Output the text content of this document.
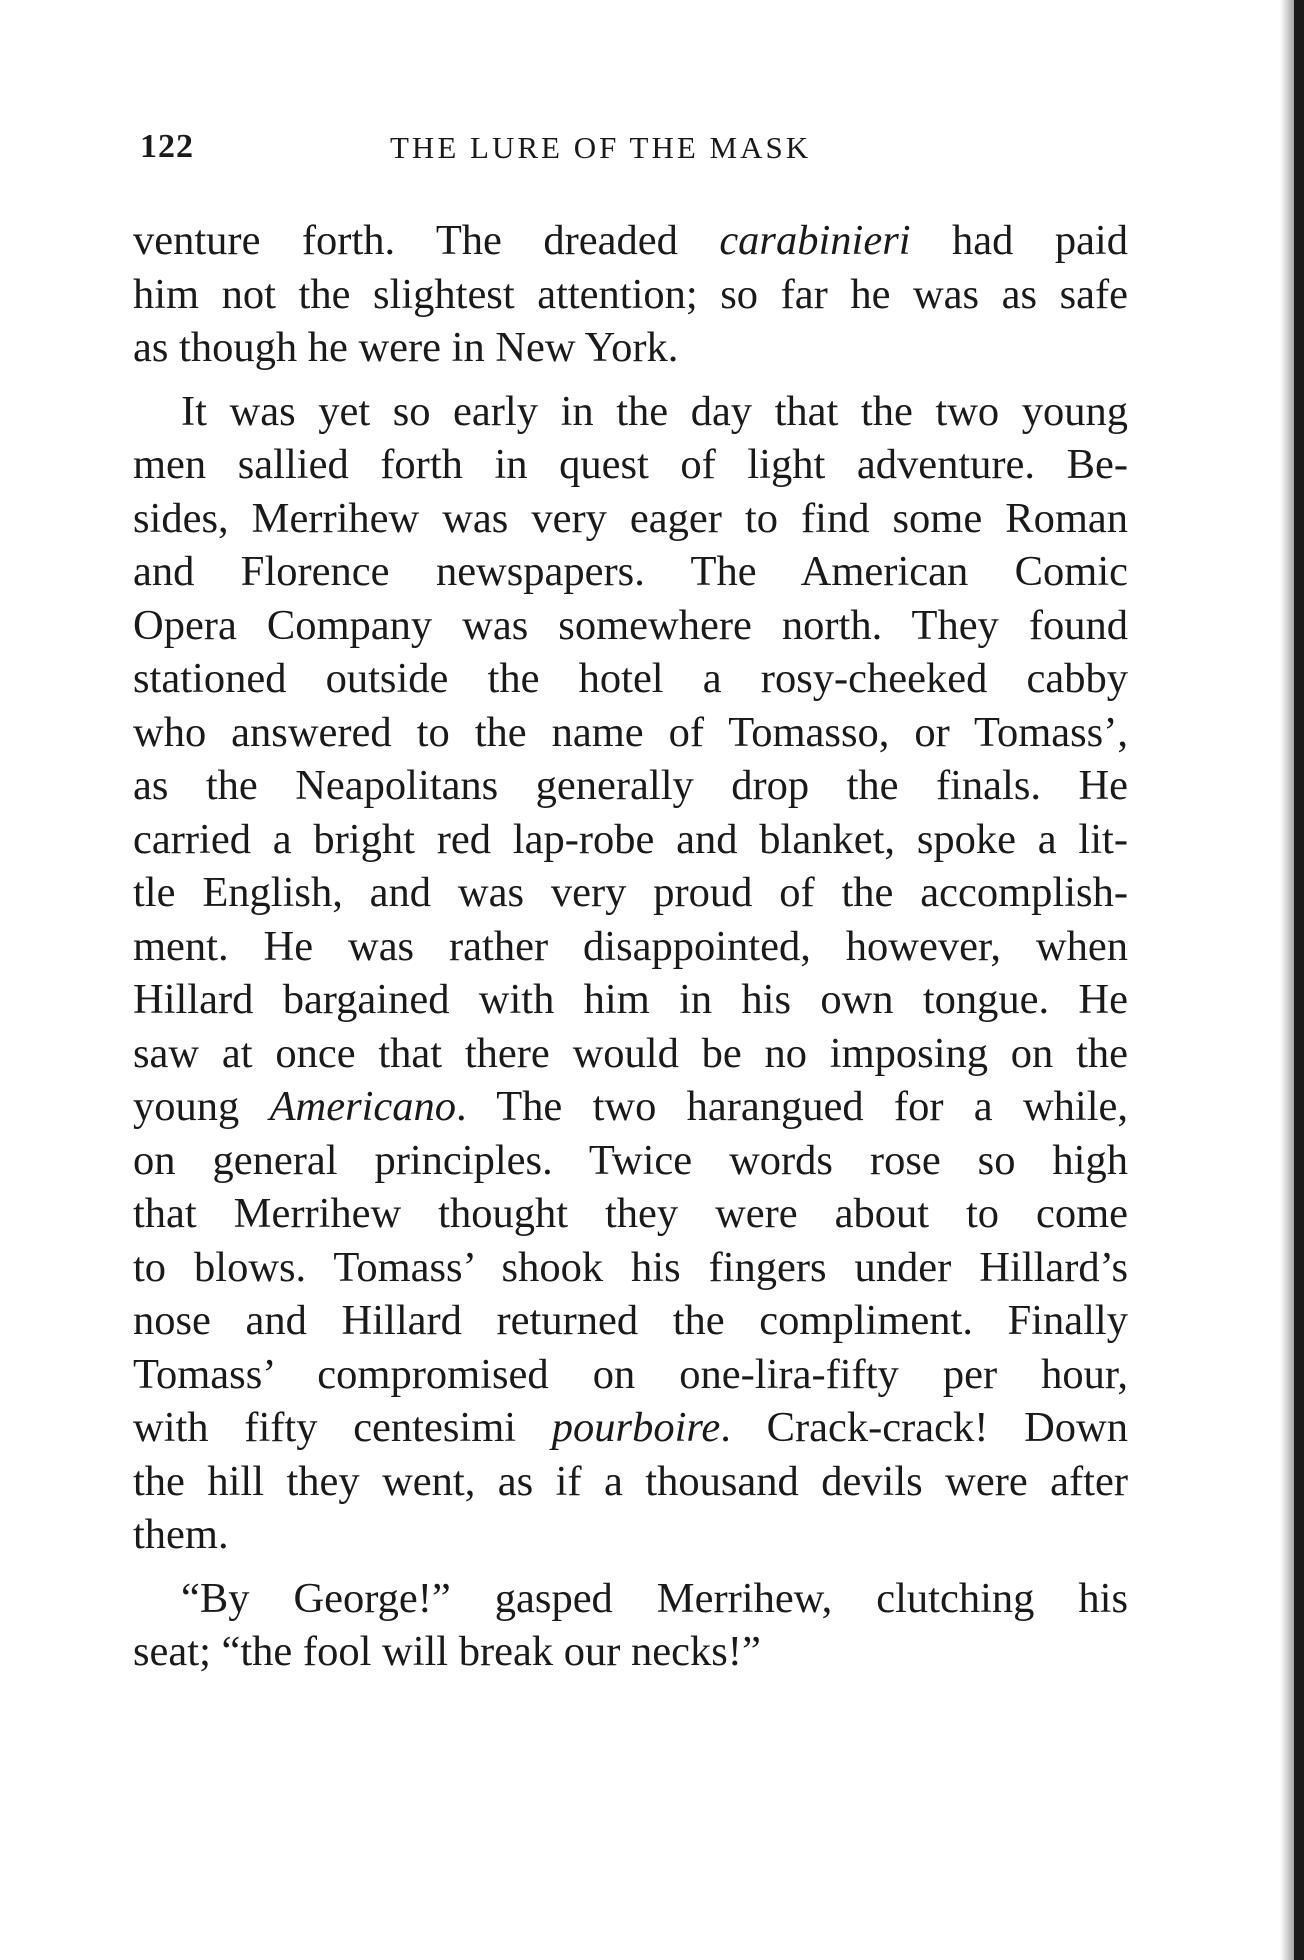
122	THE LURE OF THE MASK
venture forth. The dreaded carabinieri had paid
him not the slightest attention; so far he was as safe
as though he were in New York.
It was yet so early in the day that the two young
men sallied forth in quest of light adventure. Be-
sides, Merrihew was very eager to find some Roman
and Florence newspapers. The American Comic
Opera Company was somewhere north. They found
stationed outside the hotel a rosy-cheeked cabby
who answered to the name of Tomasso, or Tomass’,
as the Neapolitans generally drop the finals. He
carried a bright red lap-robe and blanket, spoke a lit-
tle English, and was very proud of the accomplish-
ment. He was rather disappointed, however, when
Hillard bargained with him in his own tongue. He
saw at once that there would be no imposing on the
young Americano. The two harangued for a while,
on general principles. Twice words rose so high
that Merrihew thought they were about to come
to blows. Tomass’ shook his fingers under Hillard’s
nose and Hillard returned the compliment. Finally
Tomass’ compromised on one-lira-fifty per hour,
with fifty centesimi pourboire. Crack-crack! Down
the hill they went, as if a thousand devils were after
them.
“By George!” gasped Merrihew, clutching his
seat; “the fool will break our necks!”
